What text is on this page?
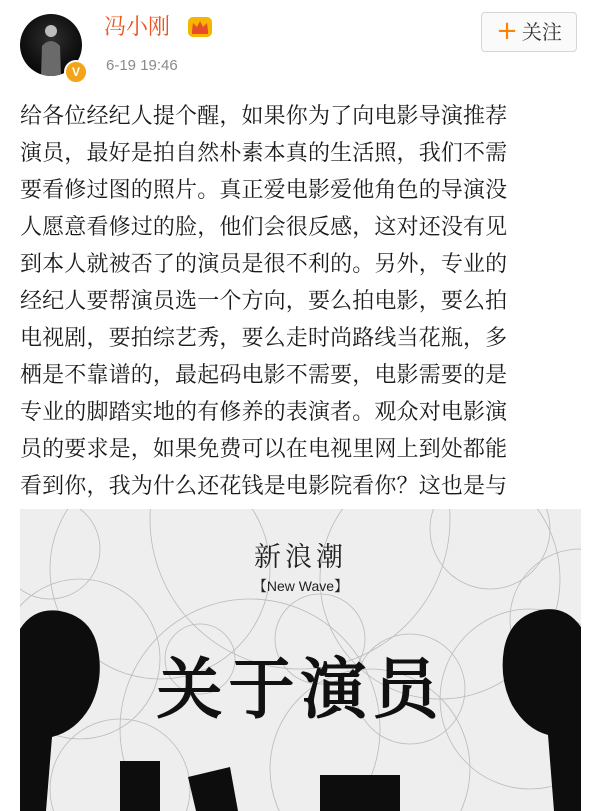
V
冯小刚
6-19 19:46
+ 关注

给各位经纪人提个醒，如果你为了向电影导演推荐
演员，最好是拍自然朴素本真的生活照，我们不需
要看修过图的照片。真正爱电影爱他角色的导演没
人愿意看修过的脸，他们会很反感，这对还没有见
到本人就被否了的演员是很不利的。另外，专业的
经纪人要帮演员选一个方向，要么拍电影，要么拍
电视剧，要拍综艺秀，要么走时尚路线当花瓶，多
栖是不靠谱的，最起码电影不需要，电影需要的是
专业的脚踏实地的有修养的表演者。观众对电影演
员的要求是，如果免费可以在电视里网上到处都能
看到你，我为什么还花钱是电影院看你？这也是与

新浪潮
【New Wave】
关于演员
